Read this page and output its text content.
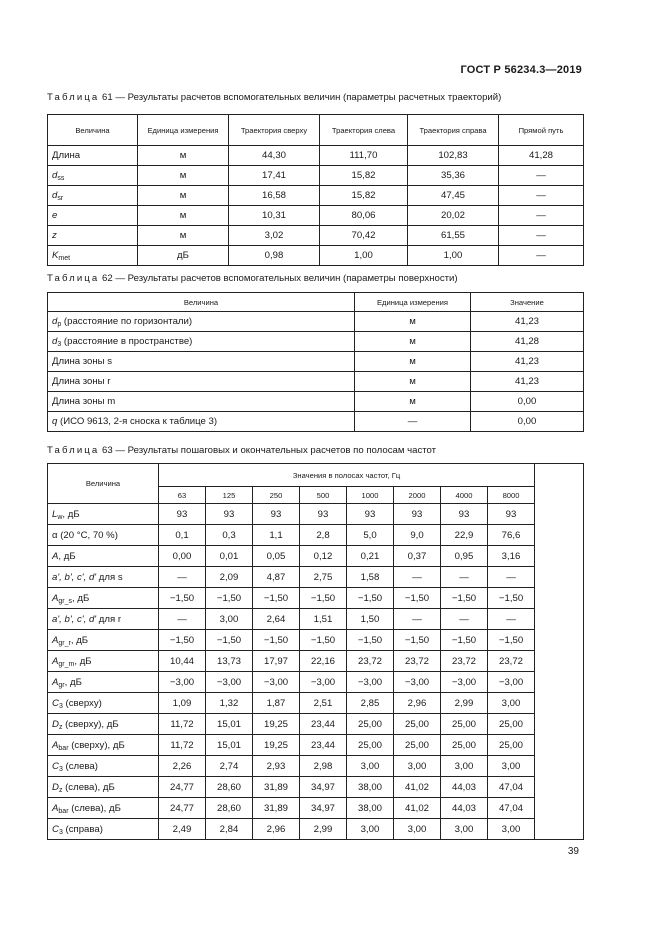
ГОСТ Р 56234.3—2019
Таблица 61 — Результаты расчетов вспомогательных величин (параметры расчетных траекторий)
Величина	Единица измерения	Траектория сверху	Траектория слева	Траектория справа	Прямой путь
Длина	м	44,30	111,70	102,83	41,28
$d_{ss}$	м	17,41	15,82	35,36	—
$d_{sr}$	м	16,58	15,82	47,45	—
e	м	10,31	80,06	20,02	—
z	м	3,02	70,42	61,55	—
$K_{met}$	дБ	0,98	1,00	1,00	—
Таблица 62 — Результаты расчетов вспомогательных величин (параметры поверхности)
Величина	Единица измерения	Значение
$d_p$ (расстояние по горизонтали)	м	41,23
$d_3$ (расстояние в пространстве)	м	41,28
Длина зоны s	м	41,23
Длина зоны r	м	41,23
Длина зоны m	м	0,00
q (ИСО 9613, 2-я сноска к таблице 3)	—	0,00
Таблица 63 — Результаты пошаговых и окончательных расчетов по полосам частот
Величина	Значения в полосах частот, Гц								
	63	125	250	500	1000	2000	4000	8000	
$L_w$, дБ	93	93	93	93	93	93	93	93	
α (20 °С, 70 %)	0,1	0,3	1,1	2,8	5,0	9,0	22,9	76,6	
A, дБ	0,00	0,01	0,05	0,12	0,21	0,37	0,95	3,16	
a', b', c', d' для s	—	2,09	4,87	2,75	1,58	—	—	—	
$A_{gr\_s}$, дБ	−1,50	−1,50	−1,50	−1,50	−1,50	−1,50	−1,50	−1,50	
a', b', c', d' для r	—	3,00	2,64	1,51	1,50	—	—	—	
$A_{gr\_r}$, дБ	−1,50	−1,50	−1,50	−1,50	−1,50	−1,50	−1,50	−1,50	
$A_{gr\_m}$, дБ	10,44	13,73	17,97	22,16	23,72	23,72	23,72	23,72	
$A_{gr}$, дБ	−3,00	−3,00	−3,00	−3,00	−3,00	−3,00	−3,00	−3,00	
$C_3$ (сверху)	1,09	1,32	1,87	2,51	2,85	2,96	2,99	3,00	
$D_z$ (сверху), дБ	11,72	15,01	19,25	23,44	25,00	25,00	25,00	25,00	
$A_{bar}$ (сверху), дБ	11,72	15,01	19,25	23,44	25,00	25,00	25,00	25,00	
$C_3$ (слева)	2,26	2,74	2,93	2,98	3,00	3,00	3,00	3,00	
$D_z$ (слева), дБ	24,77	28,60	31,89	34,97	38,00	41,02	44,03	47,04	
$A_{bar}$ (слева), дБ	24,77	28,60	31,89	34,97	38,00	41,02	44,03	47,04	
$C_3$ (справа)	2,49	2,84	2,96	2,99	3,00	3,00	3,00	3,00	
39
